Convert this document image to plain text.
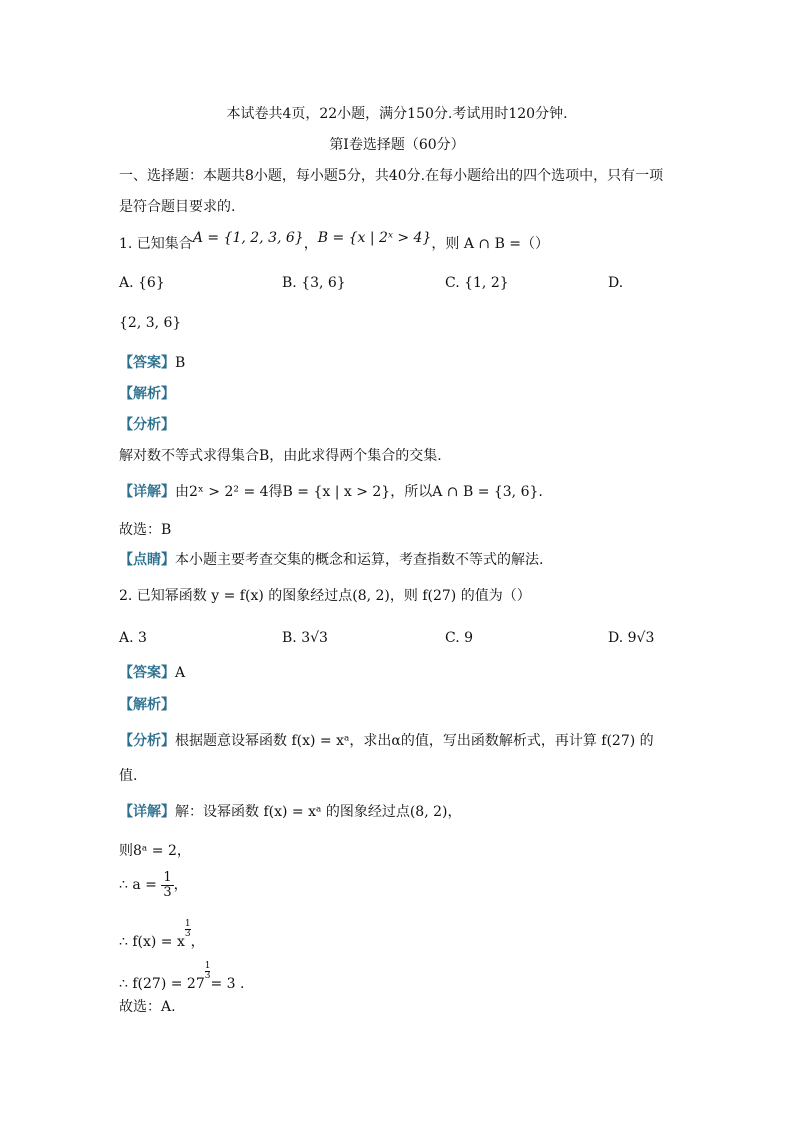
本试卷共4页，22小题，满分150分.考试用时120分钟.
第Ⅰ卷选择题（60分）
一、选择题：本题共8小题，每小题5分，共40分.在每小题给出的四个选项中，只有一项
是符合题目要求的.
1. 已知集合A = {1, 2, 3, 6}，B = {x | 2ˣ > 4}，则 A ∩ B =（）
A. {6}	B. {3, 6}	C. {1, 2}	D.
{2, 3, 6}
【答案】B
【解析】
【分析】
解对数不等式求得集合B，由此求得两个集合的交集.
【详解】由2ˣ > 2² = 4得B = {x | x > 2}，所以A ∩ B = {3, 6}.
故选：B
【点睛】本小题主要考查交集的概念和运算，考查指数不等式的解法.
2. 已知幂函数 y = f(x) 的图象经过点(8, 2)，则 f(27) 的值为（）
A. 3	B. 3√3	C. 9	D. 9√3
【答案】A
【解析】
【分析】根据题意设幂函数 f(x) = xᵃ，求出α的值，写出函数解析式，再计算 f(27) 的
值.
【详解】解：设幂函数 f(x) = xᵃ 的图象经过点(8, 2)，
则8ᵃ = 2，
∴ $a = \frac{1}{3}$ ，
∴ f(x) = x
$\frac{1}{3}$
，
∴ f(27) = 27
$\frac{1}{3}$
= 3 .
故选：A.
